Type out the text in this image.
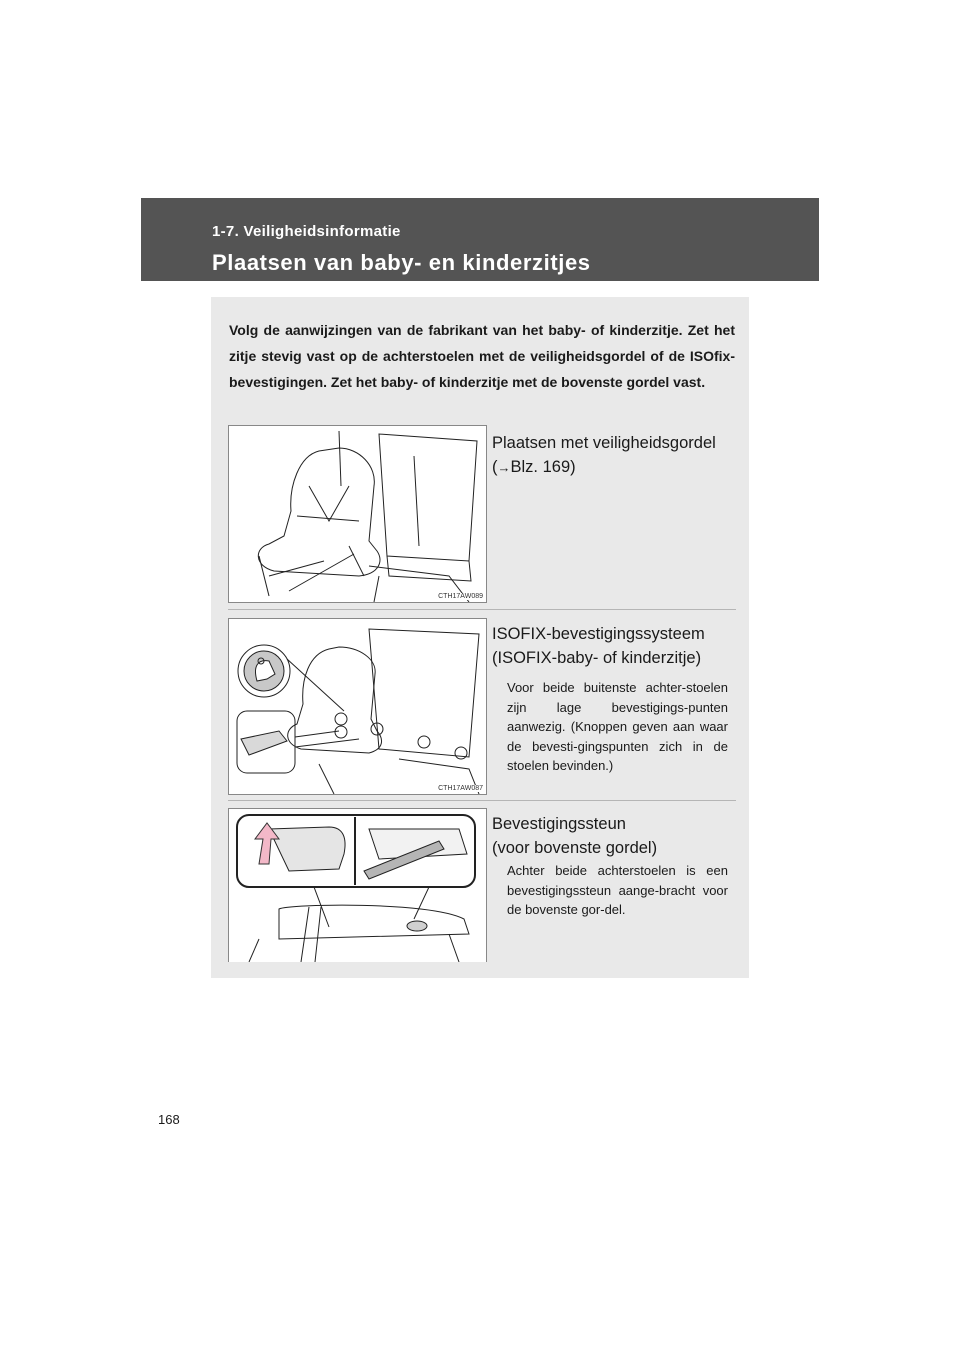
1-7. Veiligheidsinformatie
Plaatsen van baby- en kinderzitjes

Volg de aanwijzingen van de fabrikant van het baby- of kinderzitje. Zet het zitje stevig vast op de achterstoelen met de veiligheidsgordel of de ISOfix-bevestigingen. Zet het baby- of kinderzitje met de bovenste gordel vast.

CTH17AW089
Plaatsen met veiligheidsgordel
(→Blz. 169)
CTH17AW087
ISOFIX-bevestigingssysteem
(ISOFIX-baby- of kinderzitje)

Voor beide buitenste achter-stoelen zijn lage bevestigings-punten aanwezig. (Knoppen geven aan waar de bevesti-gingspunten zich in de stoelen bevinden.)

Bevestigingssteun
(voor bovenste gordel)

Achter beide achterstoelen is een bevestigingssteun aange-bracht voor de bovenste gor-del.

168
